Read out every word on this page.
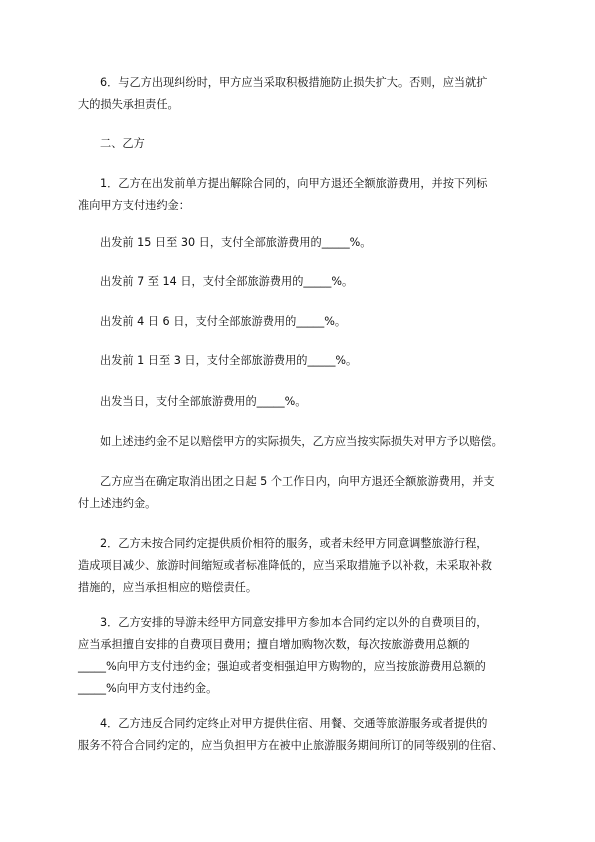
6．与乙方出现纠纷时，甲方应当采取积极措施防止损失扩大。否则，应当就扩
大的损失承担责任。

二、乙方

1．乙方在出发前单方提出解除合同的，向甲方退还全额旅游费用，并按下列标
准向甲方支付违约金：

出发前 15 日至 30 日，支付全部旅游费用的_____%。

出发前 7 至 14 日，支付全部旅游费用的_____%。

出发前 4 日 6 日，支付全部旅游费用的_____%。

出发前 1 日至 3 日，支付全部旅游费用的_____%。

出发当日，支付全部旅游费用的_____%。

如上述违约金不足以赔偿甲方的实际损失，乙方应当按实际损失对甲方予以赔偿。

乙方应当在确定取消出团之日起 5 个工作日内，向甲方退还全额旅游费用，并支
付上述违约金。

2．乙方未按合同约定提供质价相符的服务，或者未经甲方同意调整旅游行程，
造成项目减少、旅游时间缩短或者标准降低的，应当采取措施予以补救，未采取补救
措施的，应当承担相应的赔偿责任。

3．乙方安排的导游未经甲方同意安排甲方参加本合同约定以外的自费项目的，
应当承担擅自安排的自费项目费用；擅自增加购物次数，每次按旅游费用总额的
_____%向甲方支付违约金；强迫或者变相强迫甲方购物的，应当按旅游费用总额的
_____%向甲方支付违约金。

4．乙方违反合同约定终止对甲方提供住宿、用餐、交通等旅游服务或者提供的
服务不符合合同约定的，应当负担甲方在被中止旅游服务期间所订的同等级别的住宿、
